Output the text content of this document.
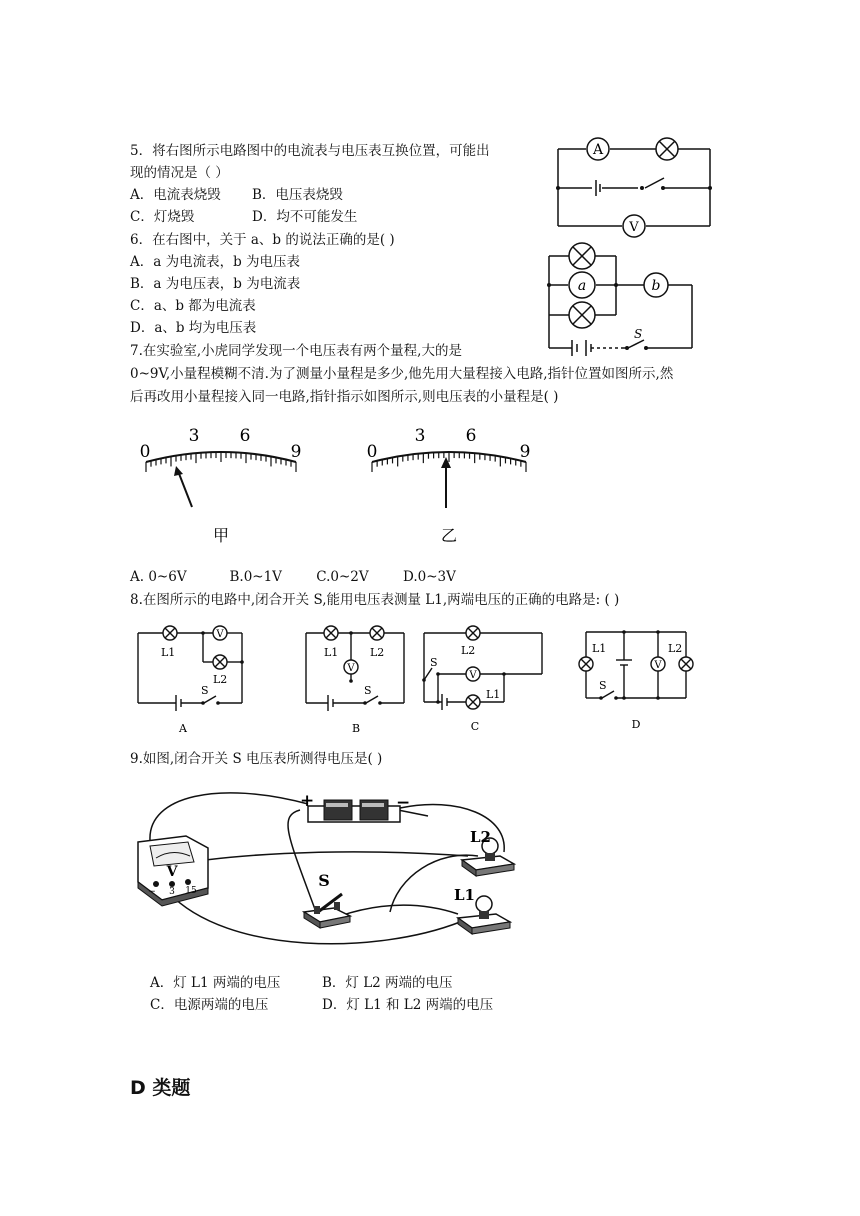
5．将右图所示电路图中的电流表与电压表互换位置，可能出
现的情况是（ ）
A．电流表烧毁 B．电压表烧毁
C．灯烧毁	D．均不可能发生
A
V
6．在右图中，关于 a、b 的说法正确的是( )
A．a 为电流表，b 为电压表
B．a 为电压表，b 为电流表
C．a、b 都为电流表
D．a、b 均为电压表
a	b
S
7.在实验室,小虎同学发现一个电压表有两个量程,大的是
0~9V,小量程模糊不清.为了测量小量程是多少,他先用大量程接入电路,指针位置如图所示,然
后再改用小量程接入同一电路,指针指示如图所示,则电压表的小量程是( )
0
3 6
9
甲
0
3 6
9
乙
A. 0~6V          B.0~1V        C.0~2V        D.0~3V
8.在图所示的电路中,闭合开关 S,能用电压表测量 L1,两端电压的正确的电路是: ( )
V
L1
L2
S
A
V
L1	L2
S
B
V
L2
L1
S
C
V
L1	L2
S
D
9.如图,闭合开关 S 电压表所测得电压是( )
+	−
V
− 3 15
S
L2
L1
A．灯 L1 两端的电压	B．灯 L2 两端的电压
C．电源两端的电压	D．灯 L1 和 L2 两端的电压
D 类题
